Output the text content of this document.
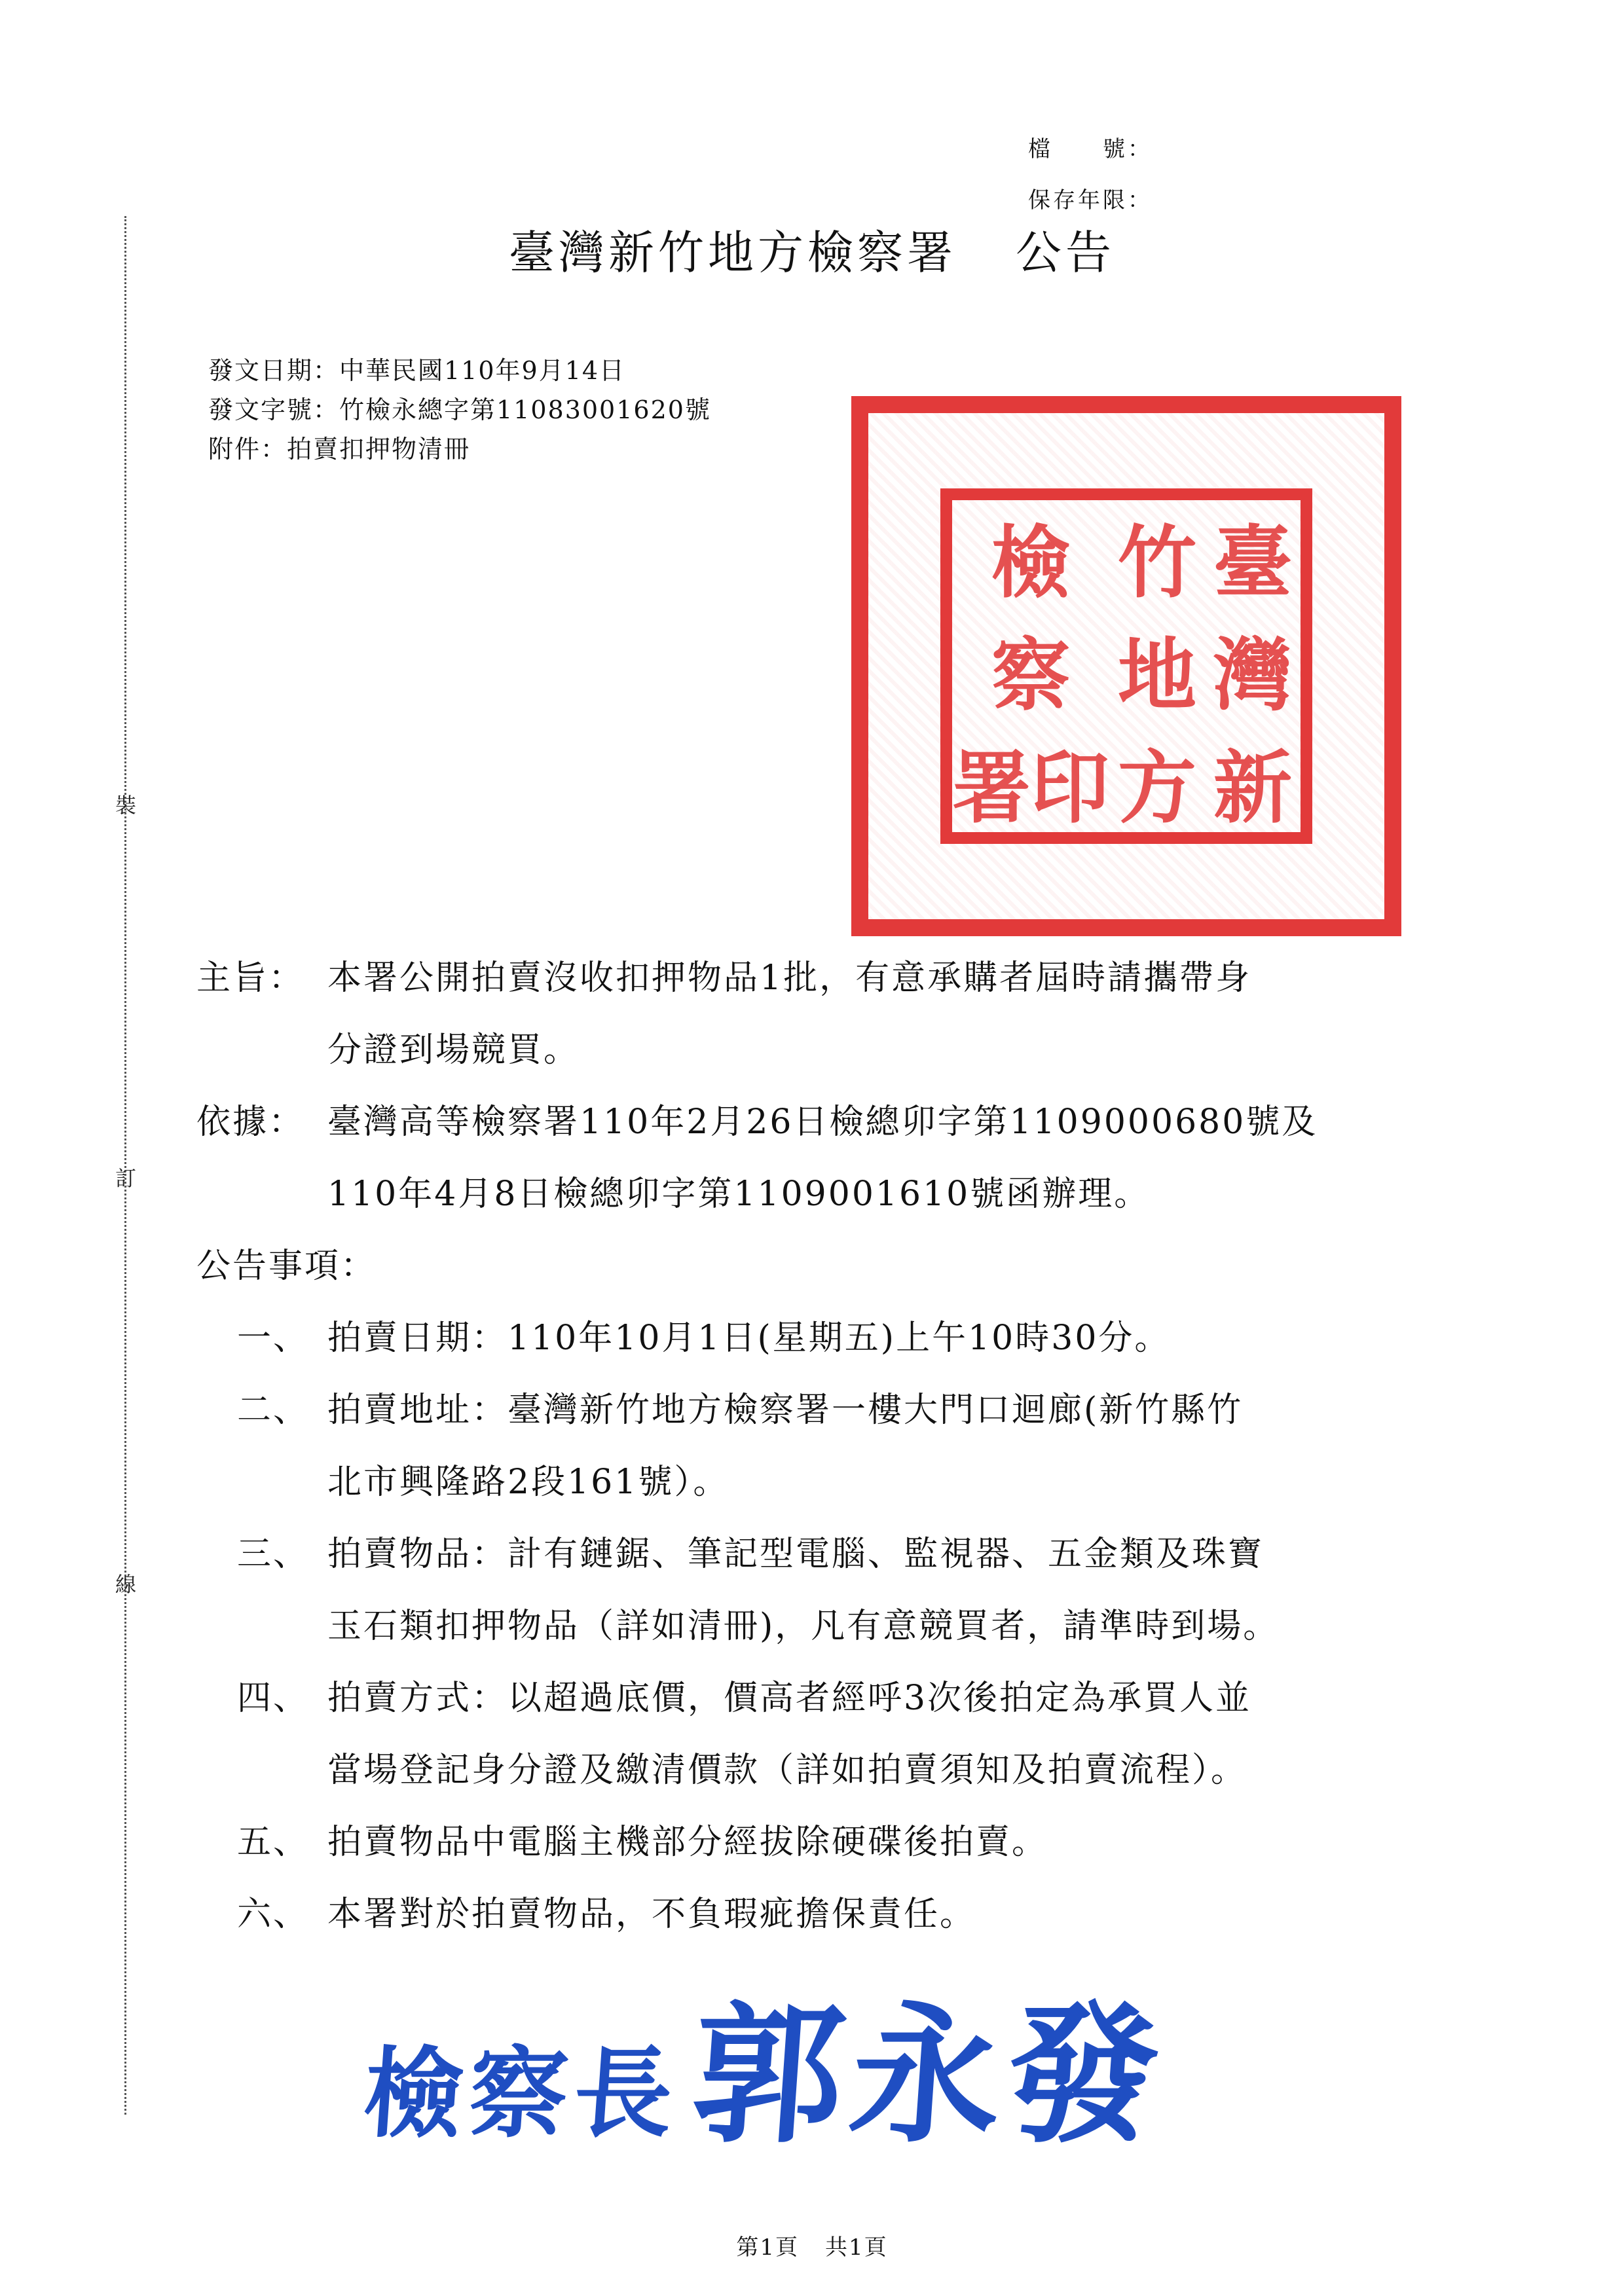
檔　　號：
保存年限：
裝
訂
線
臺灣新竹地方檢察署 公告
發文日期：中華民國110年9月14日
發文字號：竹檢永總字第11083001620號
附件：拍賣扣押物清冊
臺
竹
檢
灣
地
察
新
方
署 印
主旨： 本署公開拍賣沒收扣押物品1批，有意承購者屆時請攜帶身
分證到場競買。
依據： 臺灣高等檢察署110年2月26日檢總卯字第1109000680號及
110年4月8日檢總卯字第1109001610號函辦理。
公告事項：
一、 拍賣日期：110年10月1日(星期五)上午10時30分。
二、 拍賣地址：臺灣新竹地方檢察署一樓大門口迴廊(新竹縣竹
北市興隆路2段161號）。
三、 拍賣物品：計有鏈鋸、筆記型電腦、監視器、五金類及珠寶
玉石類扣押物品（詳如清冊)，凡有意競買者，請準時到場。
四、 拍賣方式：以超過底價，價高者經呼3次後拍定為承買人並
當場登記身分證及繳清價款（詳如拍賣須知及拍賣流程）。
五、 拍賣物品中電腦主機部分經拔除硬碟後拍賣。
六、 本署對於拍賣物品，不負瑕疵擔保責任。
檢察長郭永發
第1頁 共1頁
